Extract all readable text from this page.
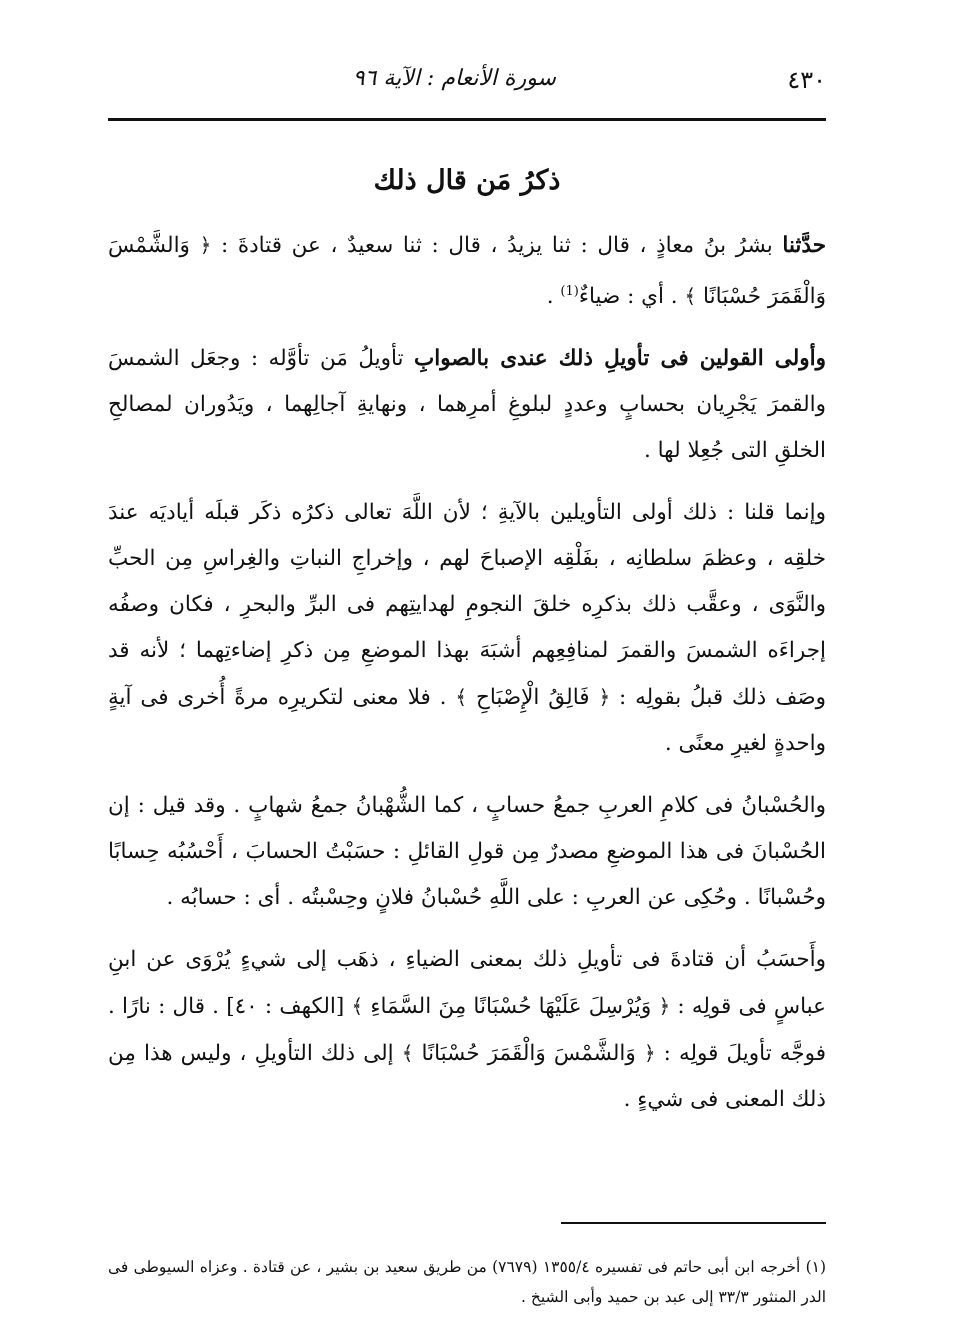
٤٣٠
سورة الأنعام : الآية ٩٦
ذكرُ مَن قال ذلك

حدَّثنا بشرُ بنُ معاذٍ ، قال : ثنا يزيدُ ، قال : ثنا سعيدٌ ، عن قتادةَ : ﴿ وَالشَّمْسَ وَالْقَمَرَ حُسْبَانًا ﴾ . أي : ضياءٌ$^{(1)}$ .

وأولى القولين فى تأويلِ ذلك عندى بالصوابِ تأويلُ مَن تأوَّله : وجعَل الشمسَ والقمرَ يَجْرِيان بحسابٍ وعددٍ لبلوغِ أمرِهما ، ونهايةِ آجالِهما ، ويَدُوران لمصالحِ الخلقِ التى جُعِلا لها .

وإنما قلنا : ذلك أولى التأويلين بالآيةِ ؛ لأن اللَّهَ تعالى ذكرُه ذكَر قبلَه أياديَه عندَ خلقِه ، وعظمَ سلطانِه ، بفَلْقِه الإصباحَ لهم ، وإخراجِ النباتِ والغِراسِ مِن الحبِّ والنَّوَى ، وعقَّب ذلك بذكرِه خلقَ النجومِ لهدايتِهم فى البرِّ والبحرِ ، فكان وصفُه إجراءَه الشمسَ والقمرَ لمنافِعِهم أشبَهَ بهذا الموضعِ مِن ذكرِ إضاءتِهما ؛ لأنه قد وصَف ذلك قبلُ بقولِه : ﴿ فَالِقُ الْإِصْبَاحِ ﴾ . فلا معنى لتكريرِه مرةً أُخرى فى آيةٍ واحدةٍ لغيرِ معنًى .

والحُسْبانُ فى كلامِ العربِ جمعُ حسابٍ ، كما الشُّهْبانُ جمعُ شهابٍ . وقد قيل : إن الحُسْبانَ فى هذا الموضعِ مصدرٌ مِن قولِ القائلِ : حسَبْتُ الحسابَ ، أَحْسُبُه حِسابًا وحُسْبانًا . وحُكِى عن العربِ : على اللَّهِ حُسْبانُ فلانٍ وحِسْبتُه . أى : حسابُه .

وأَحسَبُ أن قتادةَ فى تأويلِ ذلك بمعنى الضياءِ ، ذهَب إلى شيءٍ يُرْوَى عن ابنِ عباسٍ فى قولِه : ﴿ وَيُرْسِلَ عَلَيْهَا حُسْبَانًا مِنَ السَّمَاءِ ﴾ [الكهف : ٤٠] . قال : نارًا . فوجَّه تأويلَ قولِه : ﴿ وَالشَّمْسَ وَالْقَمَرَ حُسْبَانًا ﴾ إلى ذلك التأويلِ ، وليس هذا مِن ذلك المعنى فى شيءٍ .

(١) أخرجه ابن أبى حاتم فى تفسيره ١٣٥٥/٤ (٧٦٧٩) من طريق سعيد بن بشير ، عن قتادة . وعزاه السيوطى فى الدر المنثور ٣٣/٣ إلى عبد بن حميد وأبى الشيخ .
